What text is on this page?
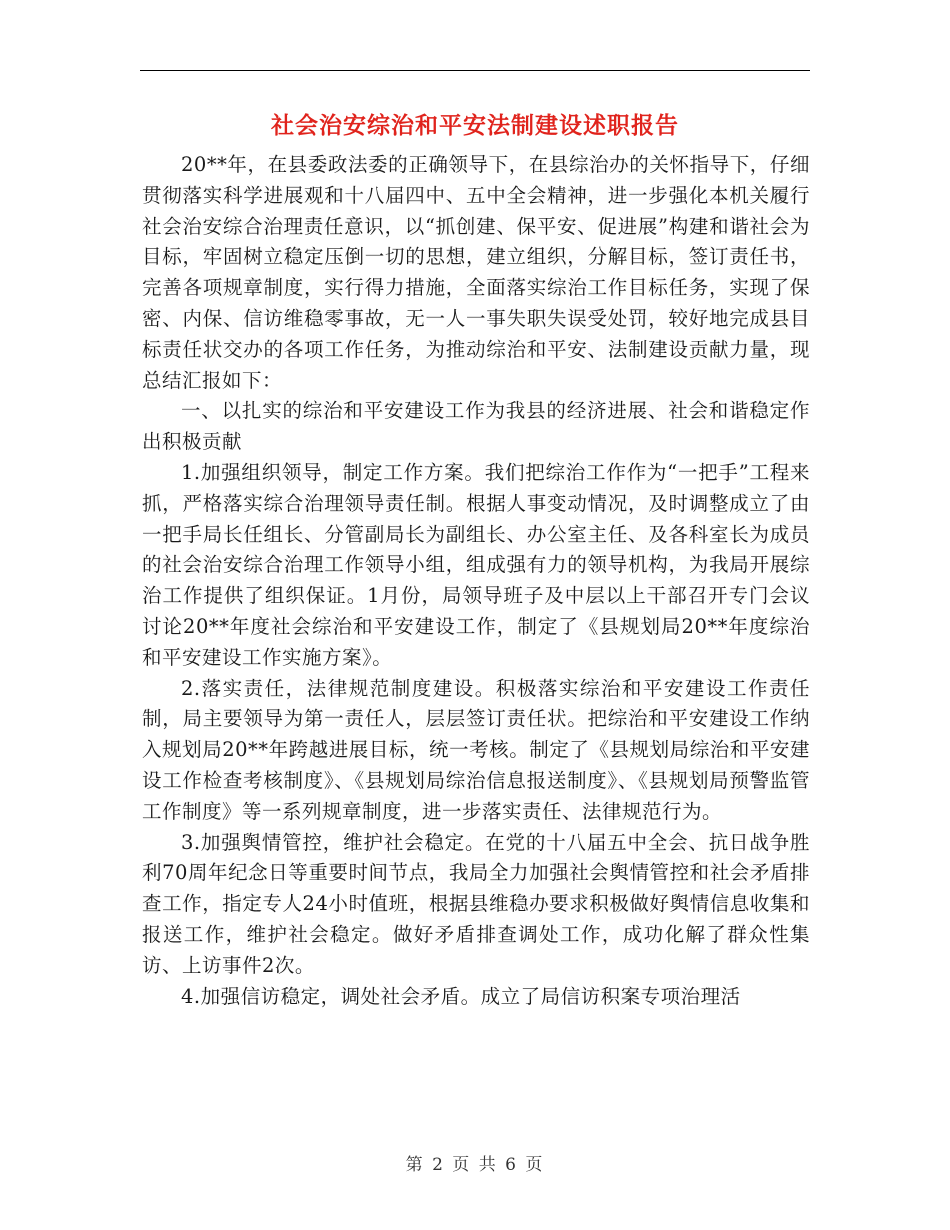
社会治安综治和平安法制建设述职报告

20**年，在县委政法委的正确领导下，在县综治办的关怀指导下，仔细贯彻落实科学进展观和十八届四中、五中全会精神，进一步强化本机关履行社会治安综合治理责任意识，以“抓创建、保平安、促进展”构建和谐社会为目标，牢固树立稳定压倒一切的思想，建立组织，分解目标，签订责任书，完善各项规章制度，实行得力措施，全面落实综治工作目标任务，实现了保密、内保、信访维稳零事故，无一人一事失职失误受处罚，较好地完成县目标责任状交办的各项工作任务，为推动综治和平安、法制建设贡献力量，现总结汇报如下：

一、以扎实的综治和平安建设工作为我县的经济进展、社会和谐稳定作出积极贡献

1.加强组织领导，制定工作方案。我们把综治工作作为“一把手”工程来抓，严格落实综合治理领导责任制。根据人事变动情况，及时调整成立了由一把手局长任组长、分管副局长为副组长、办公室主任、及各科室长为成员的社会治安综合治理工作领导小组，组成强有力的领导机构，为我局开展综治工作提供了组织保证。1月份，局领导班子及中层以上干部召开专门会议讨论20**年度社会综治和平安建设工作，制定了《县规划局20**年度综治和平安建设工作实施方案》。

2.落实责任，法律规范制度建设。积极落实综治和平安建设工作责任制，局主要领导为第一责任人，层层签订责任状。把综治和平安建设工作纳入规划局20**年跨越进展目标，统一考核。制定了《县规划局综治和平安建设工作检查考核制度》、《县规划局综治信息报送制度》、《县规划局预警监管工作制度》等一系列规章制度，进一步落实责任、法律规范行为。

3.加强舆情管控，维护社会稳定。在党的十八届五中全会、抗日战争胜利70周年纪念日等重要时间节点，我局全力加强社会舆情管控和社会矛盾排查工作，指定专人24小时值班，根据县维稳办要求积极做好舆情信息收集和报送工作，维护社会稳定。做好矛盾排查调处工作，成功化解了群众性集访、上访事件2次。

4.加强信访稳定，调处社会矛盾。成立了局信访积案专项治理活

第 2 页 共 6 页
